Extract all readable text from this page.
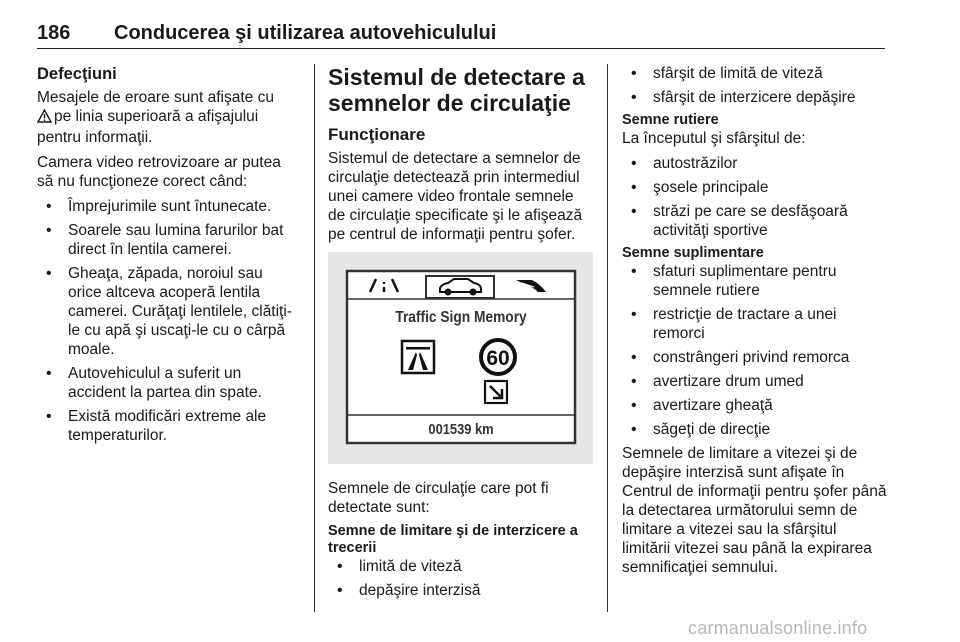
186 Conducerea şi utilizarea autovehiculului
Defecţiuni

Mesajele de eroare sunt afişate cu
pe linia superioară a afişajului pentru informaţii.

Camera video retrovizoare ar putea să nu funcţioneze corect când:

• Împrejurimile sunt întunecate.
• Soarele sau lumina farurilor bat direct în lentila camerei.
• Gheaţa, zăpada, noroiul sau orice altceva acoperă lentila camerei. Curăţaţi lentilele, clătiţi-le cu apă şi uscaţi-le cu o cârpă moale.
• Autovehiculul a suferit un accident la partea din spate.
• Există modificări extreme ale temperaturilor.
Sistemul de detectare a semnelor de circulaţie
Funcţionare

Sistemul de detectare a semnelor de circulaţie detectează prin intermediul unei camere video frontale semnele de circulaţie specificate şi le afişează pe centrul de informaţii pentru şofer.

Traffic Sign Memory
60
001539 km

Semnele de circulaţie care pot fi detectate sunt:

Semne de limitare şi de interzicere a trecerii

• limită de viteză
• depăşire interzisă
• sfârşit de limită de viteză
• sfârşit de interzicere depăşire

Semne rutiere

La începutul şi sfârşitul de:

• autostrăzilor
• şosele principale
• străzi pe care se desfăşoară activităţi sportive

Semne suplimentare

• sfaturi suplimentare pentru semnele rutiere
• restricţie de tractare a unei remorci
• constrângeri privind remorca
• avertizare drum umed
• avertizare gheaţă
• săgeţi de direcţie

Semnele de limitare a vitezei şi de depăşire interzisă sunt afişate în Centrul de informaţii pentru şofer până la detectarea următorului semn de limitare a vitezei sau la sfârşitul limitării vitezei sau până la expirarea semnificaţiei semnului.

carmanualsonline.info
